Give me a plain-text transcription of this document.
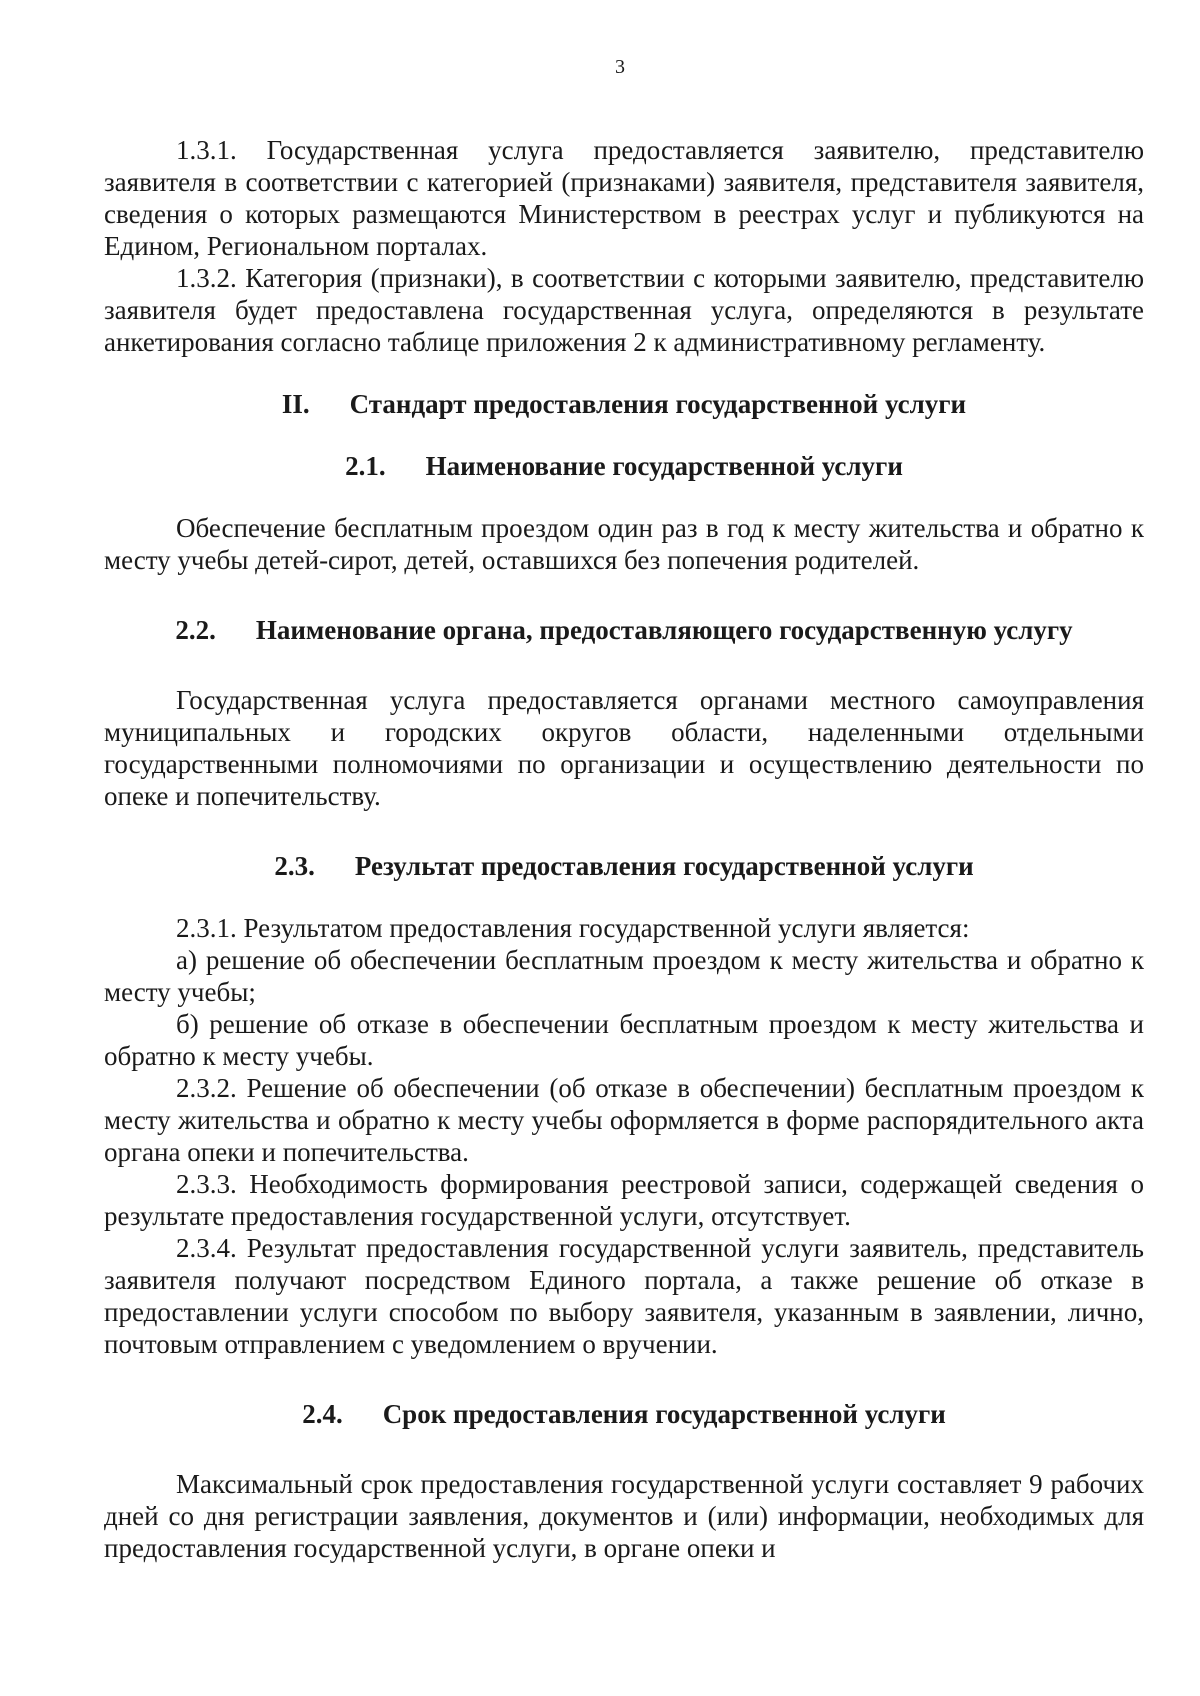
3

1.3.1. Государственная услуга предоставляется заявителю, представителю заявителя в соответствии с категорией (признаками) заявителя, представителя заявителя, сведения о которых размещаются Министерством в реестрах услуг и публикуются на Едином, Региональном порталах.

1.3.2. Категория (признаки), в соответствии с которыми заявителю, представителю заявителя будет предоставлена государственная услуга, определяются в результате анкетирования согласно таблице приложения 2 к административному регламенту.

II. Стандарт предоставления государственной услуги
2.1. Наименование государственной услуги

Обеспечение бесплатным проездом один раз в год к месту жительства и обратно к месту учебы детей-сирот, детей, оставшихся без попечения родителей.

2.2. Наименование органа, предоставляющего государственную услугу

Государственная услуга предоставляется органами местного самоуправления муниципальных и городских округов области, наделенными отдельными государственными полномочиями по организации и осуществлению деятельности по опеке и попечительству.

2.3. Результат предоставления государственной услуги

2.3.1. Результатом предоставления государственной услуги является:

а) решение об обеспечении бесплатным проездом к месту жительства и обратно к месту учебы;

б) решение об отказе в обеспечении бесплатным проездом к месту жительства и обратно к месту учебы.

2.3.2. Решение об обеспечении (об отказе в обеспечении) бесплатным проездом к месту жительства и обратно к месту учебы оформляется в форме распорядительного акта органа опеки и попечительства.

2.3.3. Необходимость формирования реестровой записи, содержащей сведения о результате предоставления государственной услуги, отсутствует.

2.3.4. Результат предоставления государственной услуги заявитель, представитель заявителя получают посредством Единого портала, а также решение об отказе в предоставлении услуги способом по выбору заявителя, указанным в заявлении, лично, почтовым отправлением с уведомлением о вручении.

2.4. Срок предоставления государственной услуги

Максимальный срок предоставления государственной услуги составляет 9 рабочих дней со дня регистрации заявления, документов и (или) информации, необходимых для предоставления государственной услуги, в органе опеки и
